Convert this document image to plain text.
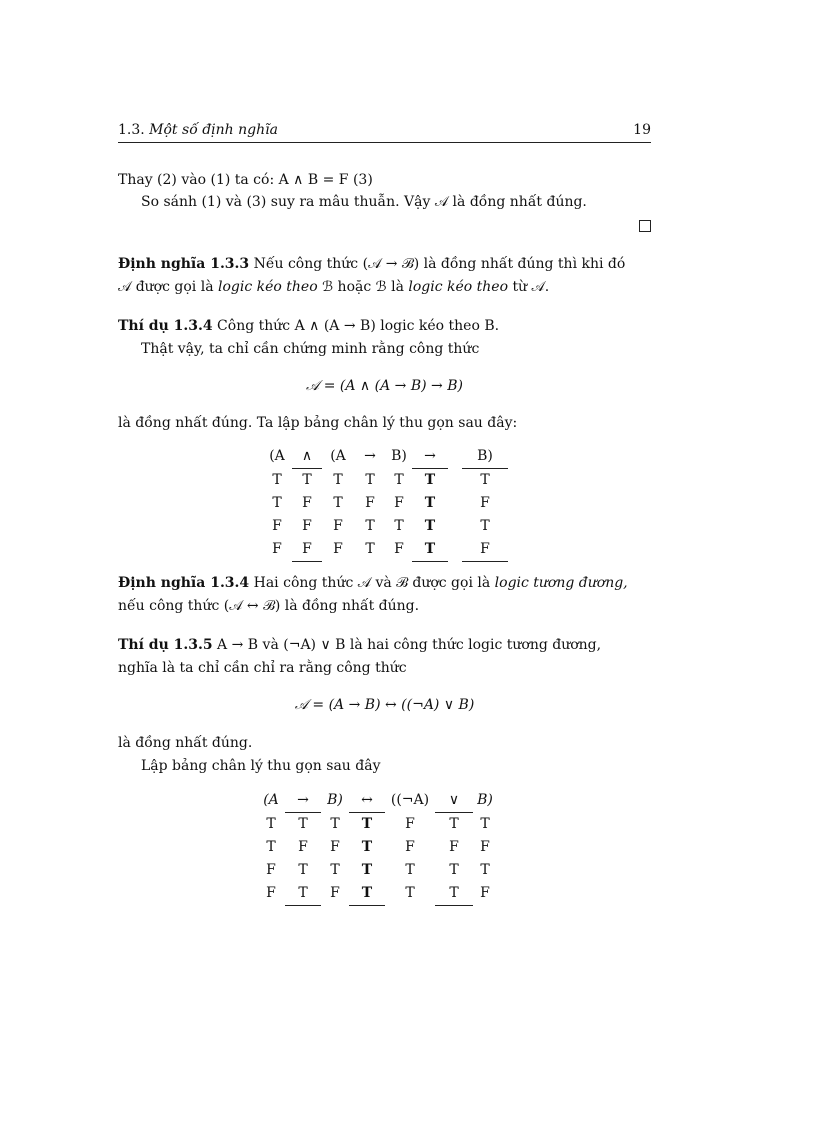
1.3. Một số định nghĩa	19
Thay (2) vào (1) ta có: A ∧ B = F (3)
So sánh (1) và (3) suy ra mâu thuẫn. Vậy 𝒜 là đồng nhất đúng.
Định nghĩa 1.3.3 Nếu công thức (𝒜 → ℬ) là đồng nhất đúng thì khi đó
𝒜 được gọi là logic kéo theo ℬ hoặc ℬ là logic kéo theo từ 𝒜.
Thí dụ 1.3.4 Công thức A ∧ (A → B) logic kéo theo B.
Thật vậy, ta chỉ cần chứng minh rằng công thức
𝒜 = (A ∧ (A → B) → B)
là đồng nhất đúng. Ta lập bảng chân lý thu gọn sau đây:
(A	∧	(A	→	B)	→		B)
T	T	T	T	T	T		T
T	F	T	F	F	T		F
F	F	F	T	T	T		T
F	F	F	T	F	T		F
Định nghĩa 1.3.4 Hai công thức 𝒜 và ℬ được gọi là logic tương đương,
nếu công thức (𝒜 ↔ ℬ) là đồng nhất đúng.
Thí dụ 1.3.5 A → B và (¬A) ∨ B là hai công thức logic tương đương,
nghĩa là ta chỉ cần chỉ ra rằng công thức
𝒜 = (A → B) ↔ ((¬A) ∨ B)
là đồng nhất đúng.
Lập bảng chân lý thu gọn sau đây
(A	→	B)	↔	((¬A)	∨	B)
T	T	T	T	F	T	T
T	F	F	T	F	F	F
F	T	T	T	T	T	T
F	T	F	T	T	T	F
